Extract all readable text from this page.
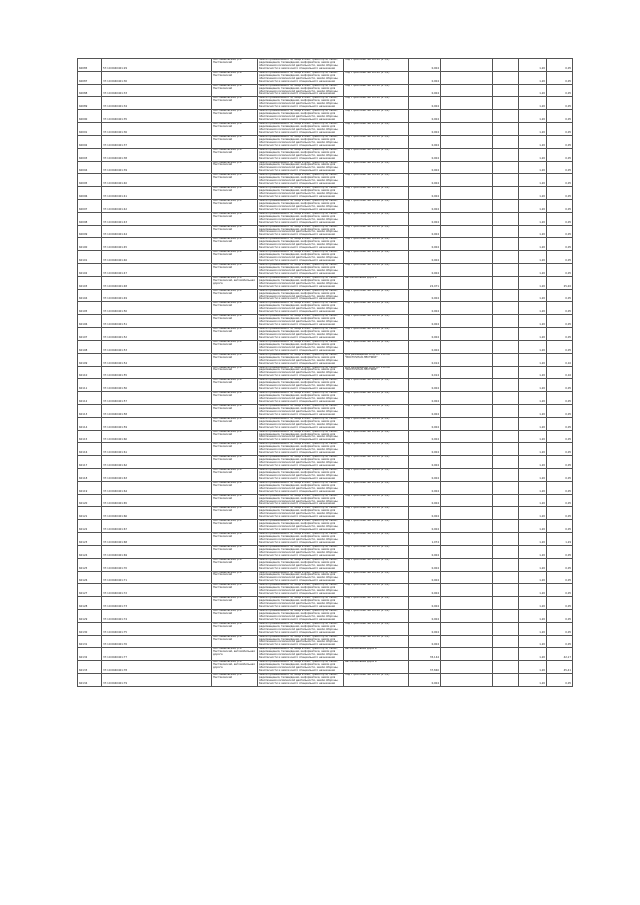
60085	57:10:0040401:29	обл. Ивановская, р-н Пестяковский	Земли промышленности, энергетики, транспорта, связи, радиовещания, телевидения, информатики, земли для обеспечения космической деятельности, земли обороны, безопасности и земли иного специального назначения	под строительство ВЛ-10 (4 1/2)	0,004			1,20	0,05
60087	37:10:0040401:30	обл. Ивановская, р-н Пестяковский	Земли промышленности, энергетики, транспорта, связи, радиовещания, телевидения, информатики, земли для обеспечения космической деятельности, земли обороны, безопасности и земли иного специального назначения	под строительство ВЛ-10 (4 1/2)	0,004			1,20	0,05
60088	37:10:0040401:33	обл. Ивановская, р-н Пестяковский	Земли промышленности, энергетики, транспорта, связи, радиовещания, телевидения, информатики, земли для обеспечения космической деятельности, земли обороны, безопасности и земли иного специального назначения	под строительство ВЛ-10 (4 1/2)	0,004			1,20	0,05
60089	37:10:0040401:34	обл. Ивановская, р-н Пестяковский	Земли промышленности, энергетики, транспорта, связи, радиовещания, телевидения, информатики, земли для обеспечения космической деятельности, земли обороны, безопасности и земли иного специального назначения	под строительство ВЛ-10 (4 1/2)	0,004			1,20	0,05
60090	37:10:0040401:35	обл. Ивановская, р-н Пестяковский	Земли промышленности, энергетики, транспорта, связи, радиовещания, телевидения, информатики, земли для обеспечения космической деятельности, земли обороны, безопасности и земли иного специального назначения	под строительство ВЛ-10 (4 1/2)	0,004			1,20	0,05
60091	37:10:0040401:36	обл. Ивановская, р-н Пестяковский	Земли промышленности, энергетики, транспорта, связи, радиовещания, телевидения, информатики, земли для обеспечения космической деятельности, земли обороны, безопасности и земли иного специального назначения	под строительство ВЛ-10 (4 1/2)	0,004			1,20	0,05
60092	37:10:0040401:37	обл. Ивановская, р-н Пестяковский	Земли промышленности, энергетики, транспорта, связи, радиовещания, телевидения, информатики, земли для обеспечения космической деятельности, земли обороны, безопасности и земли иного специального назначения	под строительство ВЛ-10 (4 1/2)	0,004			1,20	0,05
60093	37:10:0040401:38	обл. Ивановская, р-н Пестяковский	Земли промышленности, энергетики, транспорта, связи, радиовещания, телевидения, информатики, земли для обеспечения космической деятельности, земли обороны, безопасности и земли иного специального назначения	под строительство ВЛ-10 (4 1/2)	0,004			1,20	0,05
60094	37:10:0040401:39	обл. Ивановская, р-н Пестяковский	Земли промышленности, энергетики, транспорта, связи, радиовещания, телевидения, информатики, земли для обеспечения космической деятельности, земли обороны, безопасности и земли иного специального назначения	под строительство ВЛ-10 (4 1/2)	0,004			1,20	0,05
60095	37:10:0040401:40	обл. Ивановская, р-н Пестяковский	Земли промышленности, энергетики, транспорта, связи, радиовещания, телевидения, информатики, земли для обеспечения космической деятельности, земли обороны, безопасности и земли иного специального назначения	под строительство ВЛ-10 (4 1/2)	0,004			1,20	0,05
60096	37:10:0040401:41	обл. Ивановская, р-н Пестяковский	Земли промышленности, энергетики, транспорта, связи, радиовещания, телевидения, информатики, земли для обеспечения космической деятельности, земли обороны, безопасности и земли иного специального назначения	под строительство ВЛ-10 (4 1/2)	0,004			1,20	0,05
60097	37:10:0040401:42	обл. Ивановская, р-н Пестяковский	Земли промышленности, энергетики, транспорта, связи, радиовещания, телевидения, информатики, земли для обеспечения космической деятельности, земли обороны, безопасности и земли иного специального назначения	под строительство ВЛ-10 (4 1/2)	0,004			1,20	0,05
60098	37:10:0040401:43	обл. Ивановская, р-н Пестяковский	Земли промышленности, энергетики, транспорта, связи, радиовещания, телевидения, информатики, земли для обеспечения космической деятельности, земли обороны, безопасности и земли иного специального назначения	под строительство ВЛ-10 (4 1/2)	0,004			1,20	0,05
60099	37:10:0040401:44	обл. Ивановская, р-н Пестяковский	Земли промышленности, энергетики, транспорта, связи, радиовещания, телевидения, информатики, земли для обеспечения космической деятельности, земли обороны, безопасности и земли иного специального назначения	под строительство ВЛ-10 (4 1/2)	0,004			1,20	0,05
60100	37:10:0040401:45	обл. Ивановская, р-н Пестяковский	Земли промышленности, энергетики, транспорта, связи, радиовещания, телевидения, информатики, земли для обеспечения космической деятельности, земли обороны, безопасности и земли иного специального назначения	под строительство ВЛ-10 (4 1/2)	0,004			1,20	0,05
60101	37:10:0040401:46	обл. Ивановская, р-н Пестяковский	Земли промышленности, энергетики, транспорта, связи, радиовещания, телевидения, информатики, земли для обеспечения космической деятельности, земли обороны, безопасности и земли иного специального назначения	под строительство ВЛ-10 (4 1/2)	0,004			1,20	0,05
60102	37:10:0040401:47	обл. Ивановская, р-н Пестяковский	Земли промышленности, энергетики, транспорта, связи, радиовещания, телевидения, информатики, земли для обеспечения космической деятельности, земли обороны, безопасности и земли иного специального назначения	под строительство ВЛ-10 (4 1/2)	0,004			1,20	0,05
60103	37:10:0040401:48	обл. Ивановская, р-н Пестяковский, автомобильная дорога	Земли промышленности, энергетики, транспорта, связи, радиовещания, телевидения, информатики, земли для обеспечения космической деятельности, земли обороны, безопасности и земли иного специального назначения	автомобильная дорога	22,971			1,20	25,26
60104	37:10:0040401:49	обл. Ивановская, р-н Пестяковский	Земли промышленности, энергетики, транспорта, связи, радиовещания, телевидения, информатики, земли для обеспечения космической деятельности, земли обороны, безопасности и земли иного специального назначения	под строительство ВЛ-10 (4 1/2)	0,004			1,20	0,05
60105	37:10:0040401:50	обл. Ивановская, р-н Пестяковский	Земли промышленности, энергетики, транспорта, связи, радиовещания, телевидения, информатики, земли для обеспечения космической деятельности, земли обороны, безопасности и земли иного специального назначения	под строительство ВЛ-10 (4 1/2)	0,004			1,20	0,05
60106	37:10:0040401:51	обл. Ивановская, р-н Пестяковский	Земли промышленности, энергетики, транспорта, связи, радиовещания, телевидения, информатики, земли для обеспечения космической деятельности, земли обороны, безопасности и земли иного специального назначения	под строительство ВЛ-10 (4 1/2)	0,004			1,20	0,05
60107	37:10:0040401:52	обл. Ивановская, р-н Пестяковский	Земли промышленности, энергетики, транспорта, связи, радиовещания, телевидения, информатики, земли для обеспечения космической деятельности, земли обороны, безопасности и земли иного специального назначения	под строительство ВЛ-10 (4 1/2)	0,004			1,20	0,05
60108	37:10:0040401:53	обл. Ивановская, р-н Пестяковский	Земли промышленности, энергетики, транспорта, связи, радиовещания, телевидения, информатики, земли для обеспечения космической деятельности, земли обороны, безопасности и земли иного специального назначения	под строительство ВЛ-10 (4 1/2)	0,004			1,20	0,05
60109	37:10:0040401:54	обл. Ивановская, р-н Пестяковский	Земли промышленности, энергетики, транспорта, связи, радиовещания, телевидения, информатики, земли для обеспечения космической деятельности, земли обороны, безопасности и земли иного специального назначения	для размещения опор ВЛ 110 кВ "ВОСТОЧНАЯ-ПЕСТЯКИ"	0,014			1,20	0,16
60110	37:10:0040401:55	обл. Ивановская, р-н Пестяковский	Земли промышленности, энергетики, транспорта, связи, радиовещания, телевидения, информатики, земли для обеспечения космической деятельности, земли обороны, безопасности и земли иного специального назначения	для размещения опор ВЛ 110 кВ "ВОСТОЧНАЯ-ПЕСТЯКИ"	0,014			1,20	0,16
60111	37:10:0040401:56	обл. Ивановская, р-н Пестяковский	Земли промышленности, энергетики, транспорта, связи, радиовещания, телевидения, информатики, земли для обеспечения космической деятельности, земли обороны, безопасности и земли иного специального назначения	под строительство ВЛ-10 (4 1/2)	0,004			1,20	0,05
60112	37:10:0040401:57	обл. Ивановская, р-н Пестяковский	Земли промышленности, энергетики, транспорта, связи, радиовещания, телевидения, информатики, земли для обеспечения космической деятельности, земли обороны, безопасности и земли иного специального назначения	под строительство ВЛ-10 (4 1/2)	0,004			1,20	0,05
60113	37:10:0040401:58	обл. Ивановская, р-н Пестяковский	Земли промышленности, энергетики, транспорта, связи, радиовещания, телевидения, информатики, земли для обеспечения космической деятельности, земли обороны, безопасности и земли иного специального назначения	под строительство ВЛ-10 (4 1/2)	0,004			1,20	0,05
60114	37:10:0040401:59	обл. Ивановская, р-н Пестяковский	Земли промышленности, энергетики, транспорта, связи, радиовещания, телевидения, информатики, земли для обеспечения космической деятельности, земли обороны, безопасности и земли иного специального назначения	под строительство ВЛ-10 (4 1/2)	0,004			1,20	0,05
60115	37:10:0040401:60	обл. Ивановская, р-н Пестяковский	Земли промышленности, энергетики, транспорта, связи, радиовещания, телевидения, информатики, земли для обеспечения космической деятельности, земли обороны, безопасности и земли иного специального назначения	под строительство ВЛ-10 (4 1/2)	0,004			1,20	0,05
60116	37:10:0040401:61	обл. Ивановская, р-н Пестяковский	Земли промышленности, энергетики, транспорта, связи, радиовещания, телевидения, информатики, земли для обеспечения космической деятельности, земли обороны, безопасности и земли иного специального назначения	под строительство ВЛ-10 (4 1/2)	0,004			1,20	0,05
60117	37:10:0040401:62	обл. Ивановская, р-н Пестяковский	Земли промышленности, энергетики, транспорта, связи, радиовещания, телевидения, информатики, земли для обеспечения космической деятельности, земли обороны, безопасности и земли иного специального назначения	под строительство ВЛ-10 (4 1/2)	0,004			1,20	0,05
60118	37:10:0040401:63	обл. Ивановская, р-н Пестяковский	Земли промышленности, энергетики, транспорта, связи, радиовещания, телевидения, информатики, земли для обеспечения космической деятельности, земли обороны, безопасности и земли иного специального назначения	под строительство ВЛ-10 (4 1/2)	0,004			1,20	0,05
60119	37:10:0040401:64	обл. Ивановская, р-н Пестяковский	Земли промышленности, энергетики, транспорта, связи, радиовещания, телевидения, информатики, земли для обеспечения космической деятельности, земли обороны, безопасности и земли иного специального назначения	под строительство ВЛ-10 (4 1/2)	0,004			1,20	0,05
60120	37:10:0040401:65	обл. Ивановская, р-н Пестяковский	Земли промышленности, энергетики, транспорта, связи, радиовещания, телевидения, информатики, земли для обеспечения космической деятельности, земли обороны, безопасности и земли иного специального назначения	под строительство ВЛ-10 (4 1/2)	0,004			1,20	0,05
60121	37:10:0040401:66	обл. Ивановская, р-н Пестяковский	Земли промышленности, энергетики, транспорта, связи, радиовещания, телевидения, информатики, земли для обеспечения космической деятельности, земли обороны, безопасности и земли иного специального назначения	под строительство ВЛ-10 (4 1/2)	0,004			1,20	0,05
60122	37:10:0040401:67	обл. Ивановская, р-н Пестяковский	Земли промышленности, энергетики, транспорта, связи, радиовещания, телевидения, информатики, земли для обеспечения космической деятельности, земли обороны, безопасности и земли иного специального назначения	под строительство ВЛ-10 (4 1/2)	0,004			1,20	0,05
60123	37:10:0040401:68	обл. Ивановская, р-н Пестяковский	Земли промышленности, энергетики, транспорта, связи, радиовещания, телевидения, информатики, земли для обеспечения космической деятельности, земли обороны, безопасности и земли иного специального назначения	под строительство ВЛ-10 (4 1/2)	1,074			1,20	1,29
60124	37:10:0040401:69	обл. Ивановская, р-н Пестяковский	Земли промышленности, энергетики, транспорта, связи, радиовещания, телевидения, информатики, земли для обеспечения космической деятельности, земли обороны, безопасности и земли иного специального назначения	под строительство ВЛ-10 (4 1/2)	0,004			1,20	0,05
60125	37:10:0040401:70	обл. Ивановская, р-н Пестяковский	Земли промышленности, энергетики, транспорта, связи, радиовещания, телевидения, информатики, земли для обеспечения космической деятельности, земли обороны, безопасности и земли иного специального назначения	под строительство ВЛ-10 (4 1/2)	0,004			1,20	0,05
60126	37:10:0040401:71	обл. Ивановская, р-н Пестяковский	Земли промышленности, энергетики, транспорта, связи, радиовещания, телевидения, информатики, земли для обеспечения космической деятельности, земли обороны, безопасности и земли иного специального назначения	под строительство ВЛ-10 (4 1/2)	0,004			1,20	0,05
60127	37:10:0040401:72	обл. Ивановская, р-н Пестяковский	Земли промышленности, энергетики, транспорта, связи, радиовещания, телевидения, информатики, земли для обеспечения космической деятельности, земли обороны, безопасности и земли иного специального назначения	под строительство ВЛ-10 (4 1/2)	0,004			1,20	0,05
60128	37:10:0040401:73	обл. Ивановская, р-н Пестяковский	Земли промышленности, энергетики, транспорта, связи, радиовещания, телевидения, информатики, земли для обеспечения космической деятельности, земли обороны, безопасности и земли иного специального назначения	под строительство ВЛ-10 (4 1/2)	0,004			1,20	0,05
60129	37:10:0040401:74	обл. Ивановская, р-н Пестяковский	Земли промышленности, энергетики, транспорта, связи, радиовещания, телевидения, информатики, земли для обеспечения космической деятельности, земли обороны, безопасности и земли иного специального назначения	под строительство ВЛ-10 (4 1/2)	0,004			1,20	0,05
60130	37:10:0040401:75	обл. Ивановская, р-н Пестяковский	Земли промышленности, энергетики, транспорта, связи, радиовещания, телевидения, информатики, земли для обеспечения космической деятельности, земли обороны, безопасности и земли иного специального назначения	под строительство ВЛ-10 (4 1/2)	0,004			1,20	0,05
60131	37:10:0040401:76	обл. Ивановская, р-н Пестяковский	Земли промышленности, энергетики, транспорта, связи, радиовещания, телевидения, информатики, земли для обеспечения космической деятельности, земли обороны, безопасности и земли иного специального назначения	под строительство ВЛ-10 (4 1/2)	0,004			1,20	0,05
60132	37:10:0040401:77	обл. Ивановская, р-н Пестяковский, автомобильная дорога	Земли промышленности, энергетики, транспорта, связи, радиовещания, телевидения, информатики, земли для обеспечения космической деятельности, земли обороны, безопасности и земли иного специального назначения	автомобильная дорога	35,144			1,20	42,17
60133	37:10:0040401:78	обл. Ивановская, р-н Пестяковский, автомобильная дорога	Земли промышленности, энергетики, транспорта, связи, радиовещания, телевидения, информатики, земли для обеспечения космической деятельности, земли обороны, безопасности и земли иного специального назначения	автомобильная дорога	37,840			1,20	45,41
60134	37:10:0040401:79	обл. Ивановская, р-н Пестяковский	Земли промышленности, энергетики, транспорта, связи, радиовещания, телевидения, информатики, земли для обеспечения космической деятельности, земли обороны, безопасности и земли иного специального назначения	под строительство ВЛ-10 (4 1/2)	0,004			1,20	0,05
